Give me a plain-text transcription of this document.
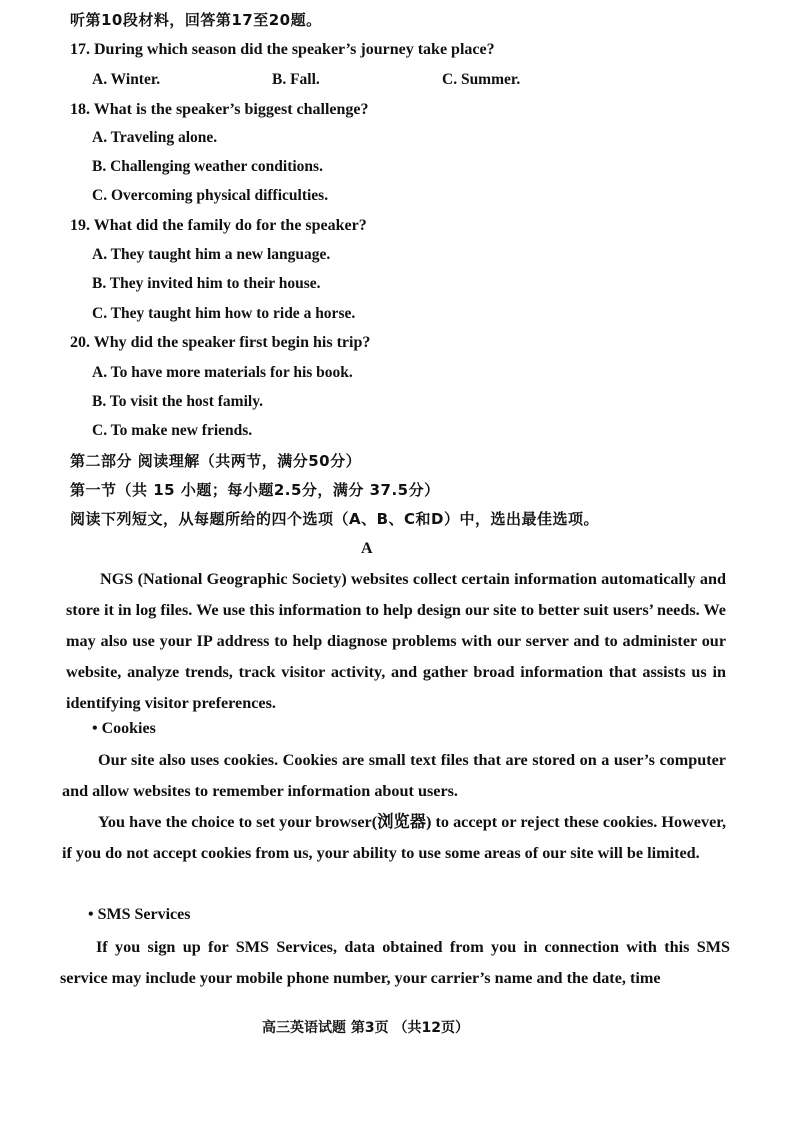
听第10段材料，回答第17至20题。
17. During which season did the speaker’s journey take place?
A. Winter.	B. Fall.	C. Summer.
18. What is the speaker’s biggest challenge?
A. Traveling alone.
B. Challenging weather conditions.
C. Overcoming physical difficulties.
19. What did the family do for the speaker?
A. They taught him a new language.
B. They invited him to their house.
C. They taught him how to ride a horse.
20. Why did the speaker first begin his trip?
A. To have more materials for his book.
B. To visit the host family.
C. To make new friends.
第二部分 阅读理解（共两节，满分50分）
第一节（共 15 小题；每小题2.5分，满分 37.5分）
阅读下列短文，从每题所给的四个选项（A、B、C和D）中，选出最佳选项。
A
NGS (National Geographic Society) websites collect certain information automatically and store it in log files. We use this information to help design our site to better suit users’ needs. We may also use your IP address to help diagnose problems with our server and to administer our website, analyze trends, track visitor activity, and gather broad information that assists us in identifying visitor preferences.
• Cookies
Our site also uses cookies. Cookies are small text files that are stored on a user’s computer and allow websites to remember information about users.
You have the choice to set your browser(浏览器) to accept or reject these cookies. However, if you do not accept cookies from us, your ability to use some areas of our site will be limited.
• SMS Services
If you sign up for SMS Services, data obtained from you in connection with this SMS service may include your mobile phone number, your carrier’s name and the date, time
高三英语试题 第3页 （共12页）
